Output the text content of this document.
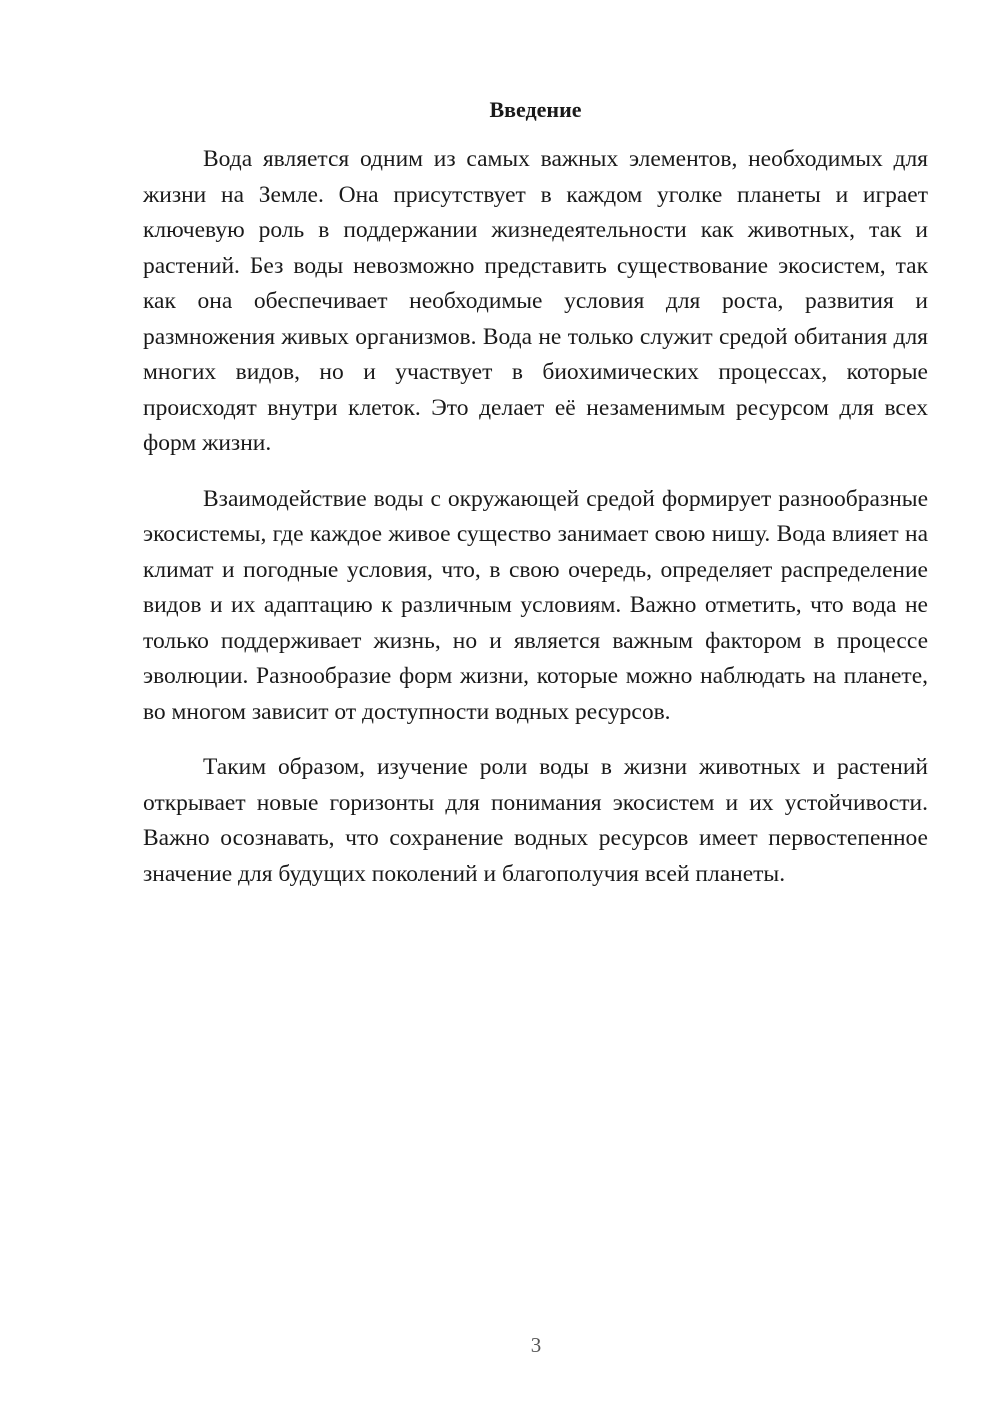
Введение

Вода является одним из самых важных элементов, необходимых для жизни на Земле. Она присутствует в каждом уголке планеты и играет ключевую роль в поддержании жизнедеятельности как животных, так и растений. Без воды невозможно представить существование экосистем, так как она обеспечивает необходимые условия для роста, развития и размножения живых организмов. Вода не только служит средой обитания для многих видов, но и участвует в биохимических процессах, которые происходят внутри клеток. Это делает её незаменимым ресурсом для всех форм жизни.

Взаимодействие воды с окружающей средой формирует разнообразные экосистемы, где каждое живое существо занимает свою нишу. Вода влияет на климат и погодные условия, что, в свою очередь, определяет распределение видов и их адаптацию к различным условиям. Важно отметить, что вода не только поддерживает жизнь, но и является важным фактором в процессе эволюции. Разнообразие форм жизни, которые можно наблюдать на планете, во многом зависит от доступности водных ресурсов.

Таким образом, изучение роли воды в жизни животных и растений открывает новые горизонты для понимания экосистем и их устойчивости. Важно осознавать, что сохранение водных ресурсов имеет первостепенное значение для будущих поколений и благополучия всей планеты.

3
